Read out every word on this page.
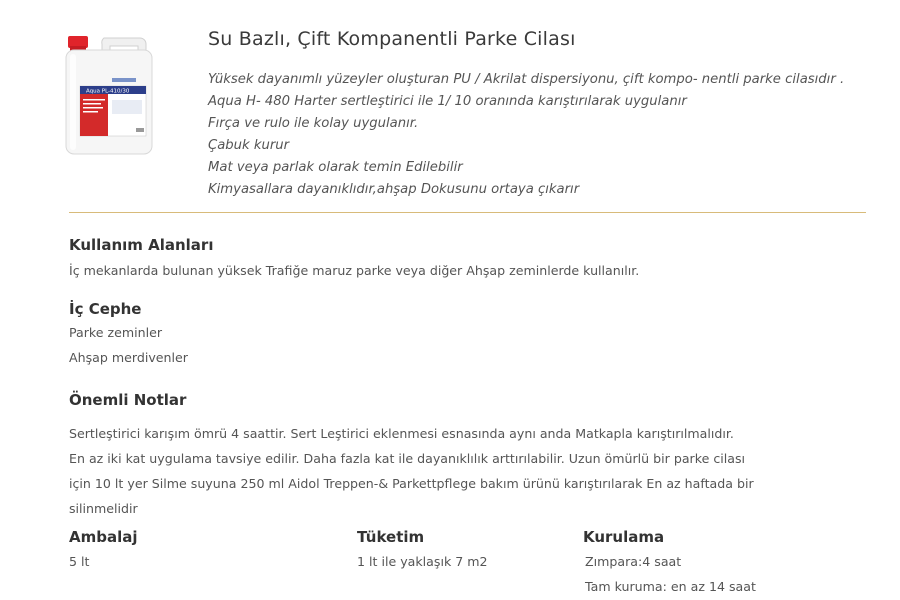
Aqua PL-410/30
Su Bazlı, Çift Kompanentli Parke Cilası
Yüksek dayanımlı yüzeyler oluşturan PU / Akrilat dispersiyonu, çift kompo- nentli parke cilasıdır .
Aqua H- 480 Harter sertleştirici ile 1/ 10 oranında karıştırılarak uygulanır
Fırça ve rulo ile kolay uygulanır.
Çabuk kurur
Mat veya parlak olarak temin Edilebilir
Kimyasallara dayanıklıdır,ahşap Dokusunu ortaya çıkarır
Kullanım Alanları
İç mekanlarda bulunan yüksek Trafiğe maruz parke veya diğer Ahşap zeminlerde kullanılır.
İç Cephe
Parke zeminler
Ahşap merdivenler
Önemli Notlar
Sertleştirici karışım ömrü 4 saattir. Sert Leştirici eklenmesi esnasında aynı anda Matkapla karıştırılmalıdır.
En az iki kat uygulama tavsiye edilir. Daha fazla kat ile dayanıklılık arttırılabilir. Uzun ömürlü bir parke cilası
için 10 lt yer Silme suyuna 250 ml Aidol Treppen-& Parkettpflege bakım ürünü karıştırılarak En az haftada bir
silinmelidir
Ambalaj
5 lt
Tüketim
1 lt ile yaklaşık 7 m2
Kurulama
Zımpara:4 saat
Tam kuruma: en az 14 saat
